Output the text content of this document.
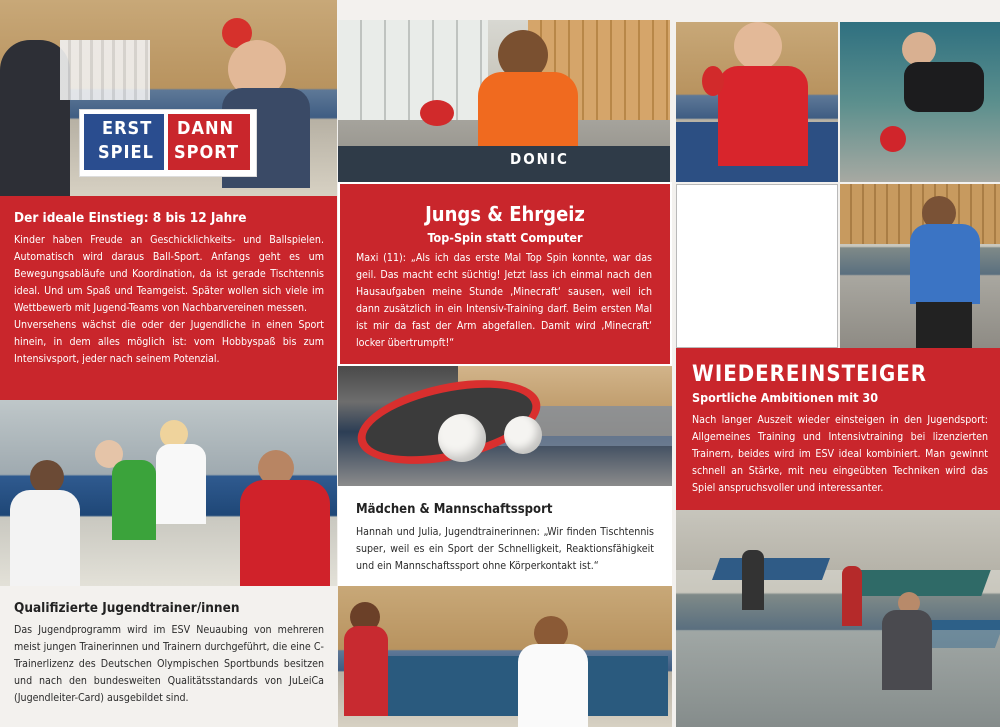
ERST
SPIEL
DANN
SPORT
Der ideale Einstieg: 8 bis 12 Jahre

Kinder haben Freude an Geschicklichkeits- und Ballspielen. Automatisch wird daraus Ball-Sport. Anfangs geht es um Bewegungsabläufe und Koordination, da ist gerade Tischtennis ideal. Und um Spaß und Teamgeist. Später wollen sich viele im Wettbewerb mit Jugend-Teams von Nachbarvereinen messen.

Unversehens wächst die oder der Jugendliche in einen Sport hinein, in dem alles möglich ist: vom Hobbyspaß bis zum Intensivsport, jeder nach seinem Potenzial.

Qualifizierte Jugendtrainer/innen

Das Jugendprogramm wird im ESV Neuaubing von mehreren meist jungen Trainerinnen und Trainern durchgeführt, die eine C-Trainerlizenz des Deutschen Olympischen Sportbunds besitzen und nach den bundesweiten Qualitätsstandards von JuLeiCa (Jugendleiter-Card) ausgebildet sind.

DONIC
Jungs & Ehrgeiz
Top-Spin statt Computer

Maxi (11): „Als ich das erste Mal Top Spin konnte, war das geil. Das macht echt süchtig! Jetzt lass ich einmal nach den Hausaufgaben meine Stunde ‚Minecraft‘ sausen, weil ich dann zusätzlich in ein Intensiv-Training darf. Beim ersten Mal ist mir da fast der Arm abgefallen. Damit wird ‚Minecraft‘ locker übertrumpft!“

Mädchen & Mannschaftssport

Hannah und Julia, Jugendtrainerinnen: „Wir finden Tischtennis super, weil es ein Sport der Schnelligkeit, Reaktionsfähigkeit und ein Mannschaftssport ohne Körperkontakt ist.“

WIEDEREINSTEIGER
Sportliche Ambitionen mit 30

Nach langer Auszeit wieder einsteigen in den Jugendsport: Allgemeines Training und Intensivtraining bei lizenzierten Trainern, beides wird im ESV ideal kombiniert. Man gewinnt schnell an Stärke, mit neu eingeübten Techniken wird das Spiel anspruchsvoller und interessanter.
